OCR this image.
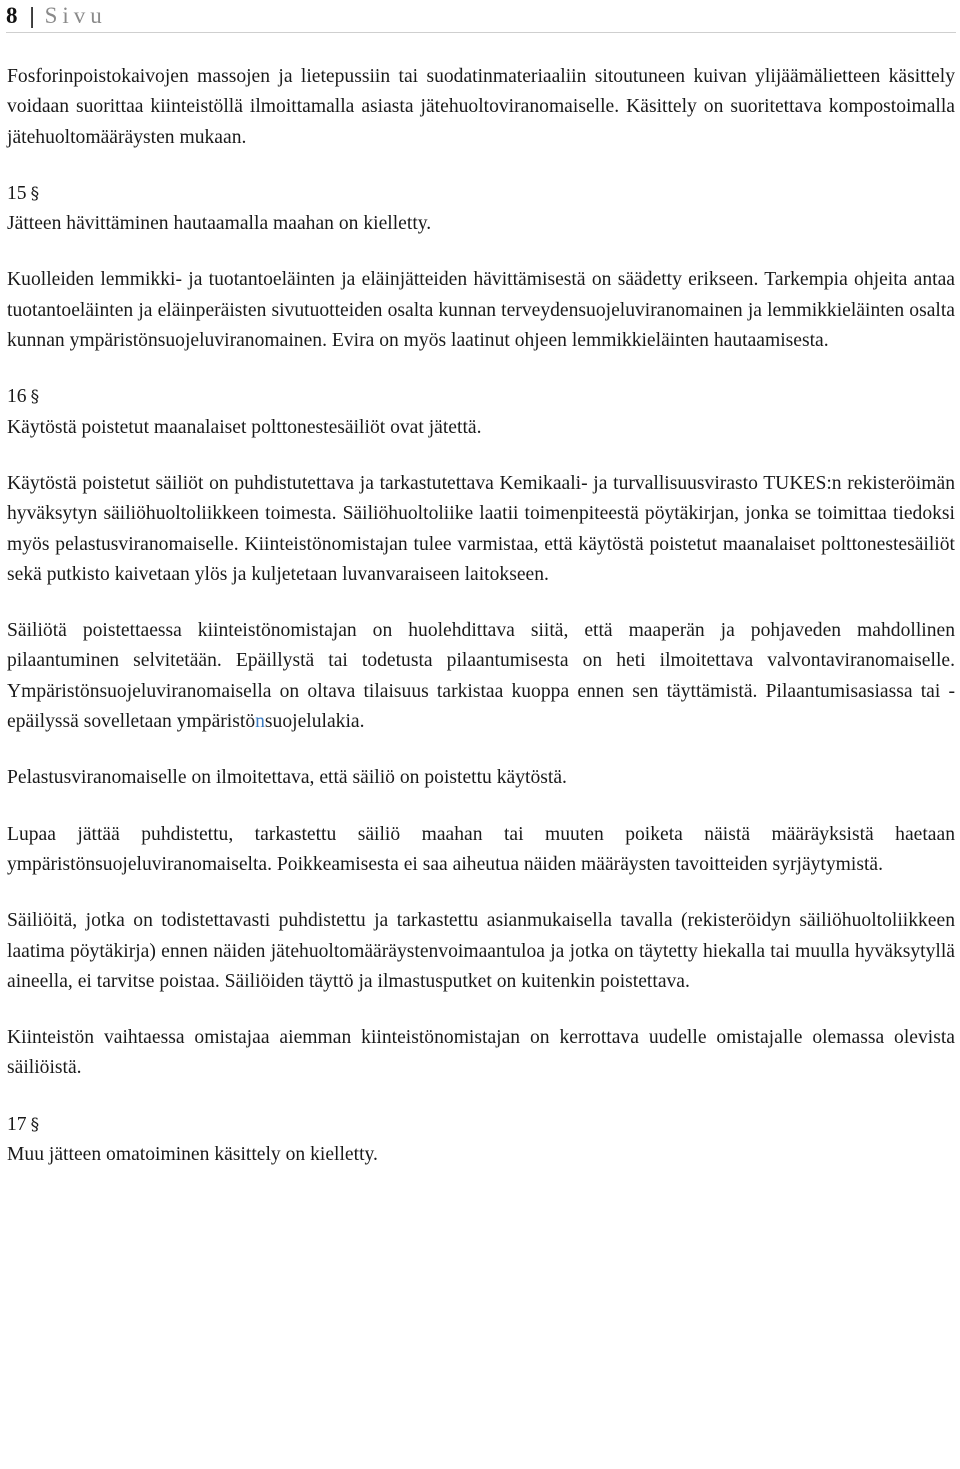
8 | Sivu

Fosforinpoistokaivojen massojen ja lietepussiin tai suodatinmateriaaliin sitoutuneen kuivan ylijäämälietteen käsittely voidaan suorittaa kiinteistöllä ilmoittamalla asiasta jätehuoltoviranomaiselle. Käsittely on suoritettava kompostoimalla jätehuoltomääräysten mukaan.

15 §

Jätteen hävittäminen hautaamalla maahan on kielletty.

Kuolleiden lemmikki- ja tuotantoeläinten ja eläinjätteiden hävittämisestä on säädetty erikseen. Tarkempia ohjeita antaa tuotantoeläinten ja eläinperäisten sivutuotteiden osalta kunnan terveydensuojeluviranomainen ja lemmikkieläinten osalta kunnan ympäristönsuojeluviranomainen. Evira on myös laatinut ohjeen lemmikkieläinten hautaamisesta.

16 §

Käytöstä poistetut maanalaiset polttonestesäiliöt ovat jätettä.

Käytöstä poistetut säiliöt on puhdistutettava ja tarkastutettava Kemikaali- ja turvallisuusvirasto TUKES:n rekisteröimän hyväksytyn säiliöhuoltoliikkeen toimesta. Säiliöhuoltoliike laatii toimenpiteestä pöytäkirjan, jonka se toimittaa tiedoksi myös pelastusviranomaiselle. Kiinteistönomistajan tulee varmistaa, että käytöstä poistetut maanalaiset polttonestesäiliöt sekä putkisto kaivetaan ylös ja kuljetetaan luvanvaraiseen laitokseen.

Säiliötä poistettaessa kiinteistönomistajan on huolehdittava siitä, että maaperän ja pohjaveden mahdollinen pilaantuminen selvitetään. Epäillystä tai todetusta pilaantumisesta on heti ilmoitettava valvontaviranomaiselle. Ympäristönsuojeluviranomaisella on oltava tilaisuus tarkistaa kuoppa ennen sen täyttämistä. Pilaantumisasiassa tai -epäilyssä sovelletaan ympäristönsuojelulakia.

Pelastusviranomaiselle on ilmoitettava, että säiliö on poistettu käytöstä.

Lupaa jättää puhdistettu, tarkastettu säiliö maahan tai muuten poiketa näistä määräyksistä haetaan ympäristönsuojeluviranomaiselta. Poikkeamisesta ei saa aiheutua näiden määräysten tavoitteiden syrjäytymistä.

Säiliöitä, jotka on todistettavasti puhdistettu ja tarkastettu asianmukaisella tavalla (rekisteröidyn säiliöhuoltoliikkeen laatima pöytäkirja) ennen näiden jätehuoltomääräystenvoimaantuloa ja jotka on täytetty hiekalla tai muulla hyväksytyllä aineella, ei tarvitse poistaa. Säiliöiden täyttö ja ilmastusputket on kuitenkin poistettava.

Kiinteistön vaihtaessa omistajaa aiemman kiinteistönomistajan on kerrottava uudelle omistajalle olemassa olevista säiliöistä.

17 §

Muu jätteen omatoiminen käsittely on kielletty.
